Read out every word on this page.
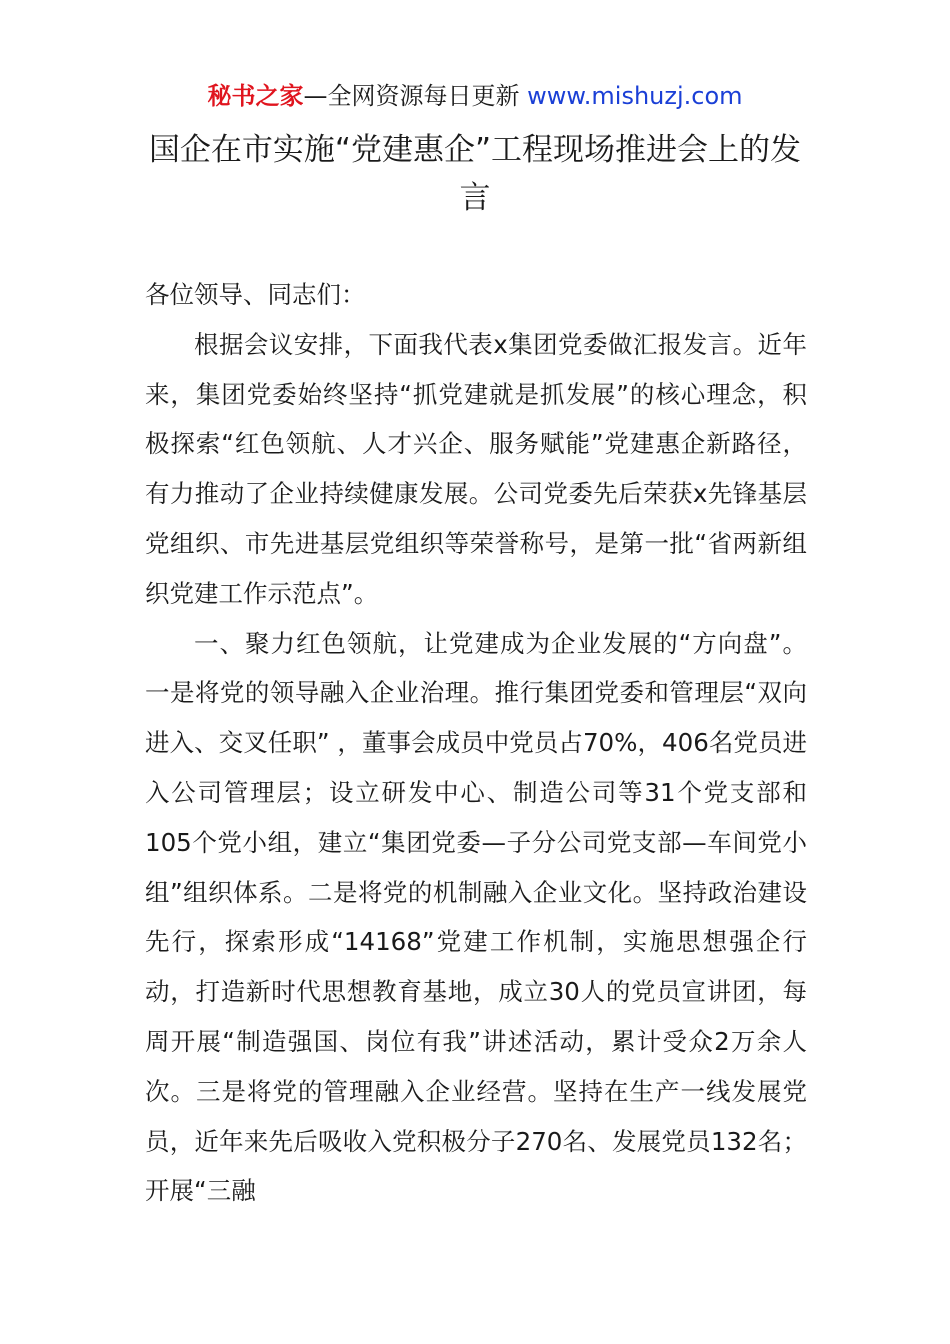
秘书之家—全网资源每日更新 www.mishuzj.com
国企在市实施“党建惠企”工程现场推进会上的发言

各位领导、同志们：

根据会议安排，下面我代表x集团党委做汇报发言。近年来，集团党委始终坚持“抓党建就是抓发展”的核心理念，积极探索“红色领航、人才兴企、服务赋能”党建惠企新路径，有力推动了企业持续健康发展。公司党委先后荣获x先锋基层党组织、市先进基层党组织等荣誉称号，是第一批“省两新组织党建工作示范点”。

一、聚力红色领航，让党建成为企业发展的“方向盘”。一是将党的领导融入企业治理。推行集团党委和管理层“双向进入、交叉任职” ，董事会成员中党员占70%，406名党员进入公司管理层；设立研发中心、制造公司等31个党支部和105个党小组，建立“集团党委—子分公司党支部—车间党小组”组织体系。二是将党的机制融入企业文化。坚持政治建设先行，探索形成“14168”党建工作机制，实施思想强企行动，打造新时代思想教育基地，成立30人的党员宣讲团，每周开展“制造强国、岗位有我”讲述活动，累计受众2万余人次。三是将党的管理融入企业经营。坚持在生产一线发展党员，近年来先后吸收入党积极分子270名、发展党员132名；开展“三融
